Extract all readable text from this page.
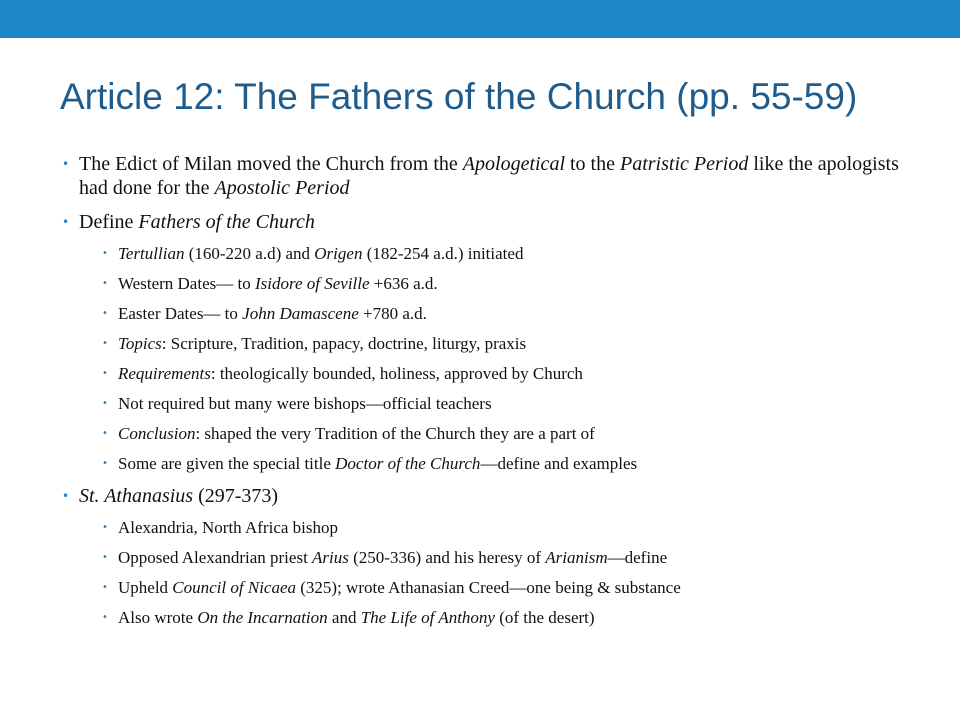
Article 12: The Fathers of the Church (pp. 55-59)
• The Edict of Milan moved the Church from the Apologetical to the Patristic Period like the apologists had done for the Apostolic Period
• Define Fathers of the Church
• Tertullian (160-220 a.d) and Origen (182-254 a.d.) initiated
• Western Dates— to Isidore of Seville +636 a.d.
• Easter Dates— to John Damascene +780 a.d.
• Topics: Scripture, Tradition, papacy, doctrine, liturgy, praxis
• Requirements: theologically bounded, holiness, approved by Church
• Not required but many were bishops—official teachers
• Conclusion: shaped the very Tradition of the Church they are a part of
• Some are given the special title Doctor of the Church—define and examples
• St. Athanasius (297-373)
• Alexandria, North Africa bishop
• Opposed Alexandrian priest Arius (250-336) and his heresy of Arianism—define
• Upheld Council of Nicaea (325); wrote Athanasian Creed—one being & substance
• Also wrote On the Incarnation and The Life of Anthony (of the desert)
